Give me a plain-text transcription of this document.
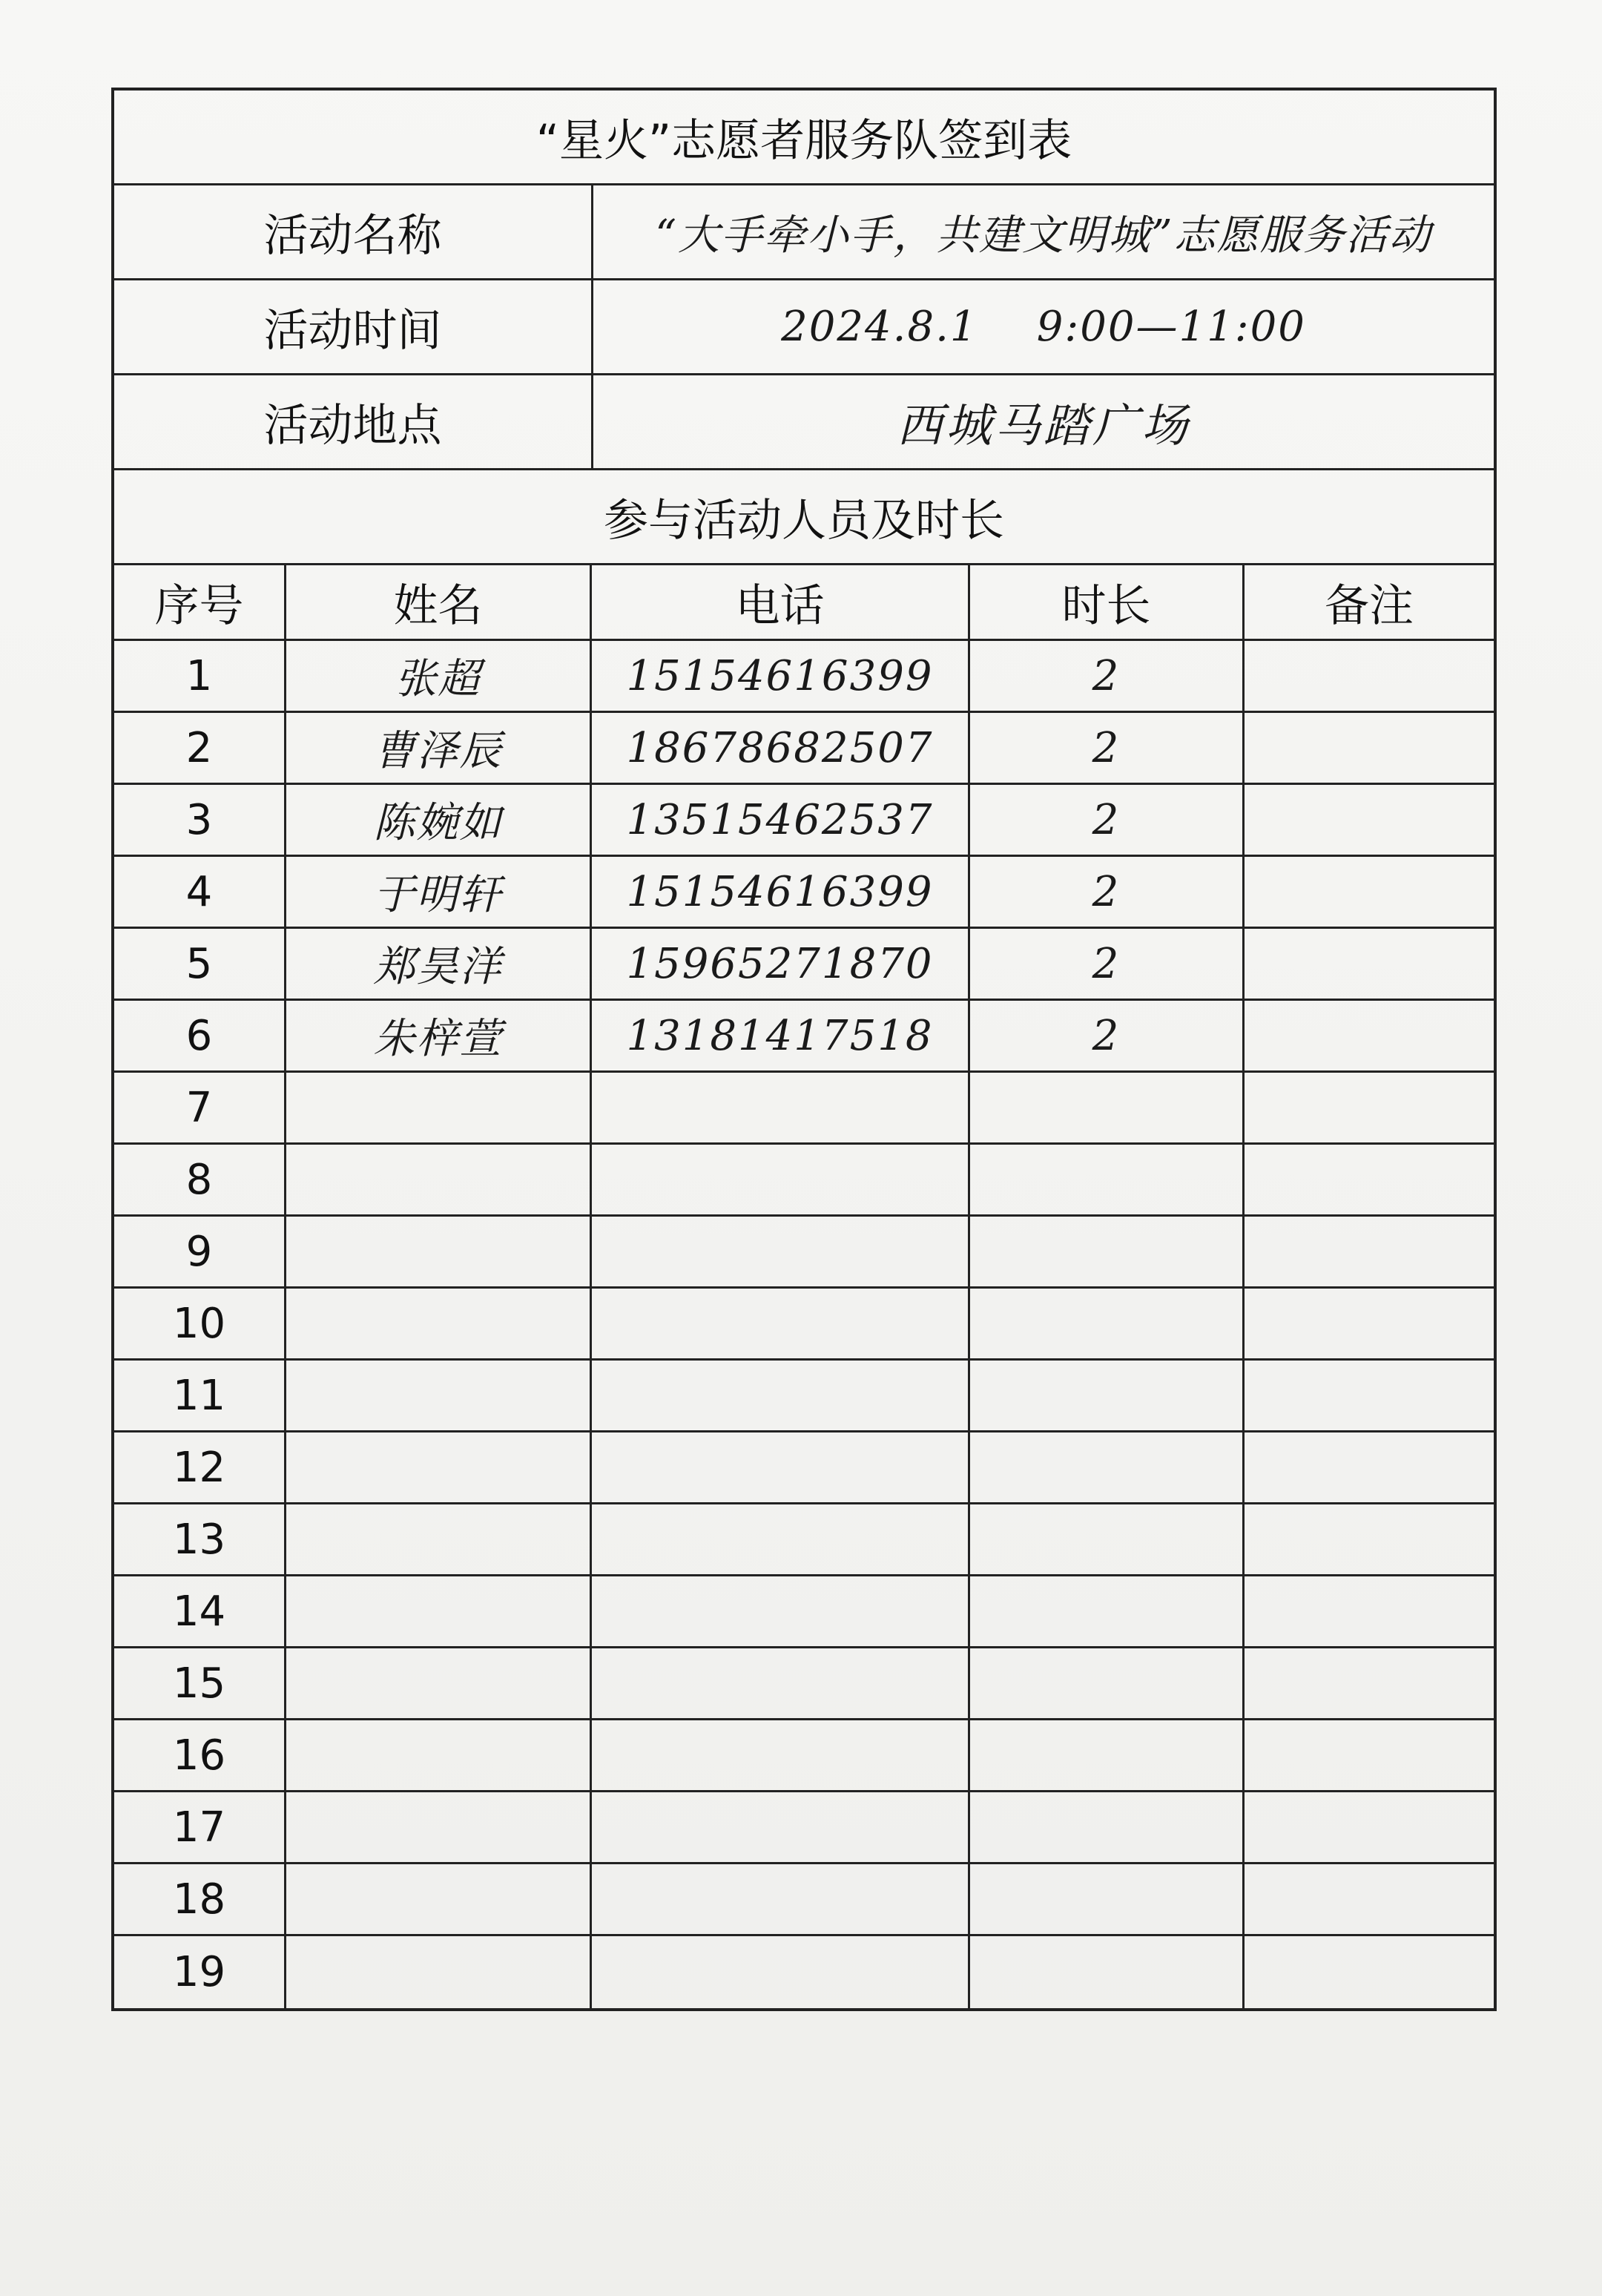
“星火”志愿者服务队签到表
活动名称	“大手牵小手，共建文明城”志愿服务活动
活动时间	2024.8.1    9:00—11:00
活动地点	西城马踏广场
参与活动人员及时长
序号	姓名	电话	时长	备注
1	张超	15154616399	2
2	曹泽辰	18678682507	2
3	陈婉如	13515462537	2
4	于明轩	15154616399	2
5	郑昊洋	15965271870	2
6	朱梓萱	13181417518	2
7
8
9
10
11
12
13
14
15
16
17
18
19
